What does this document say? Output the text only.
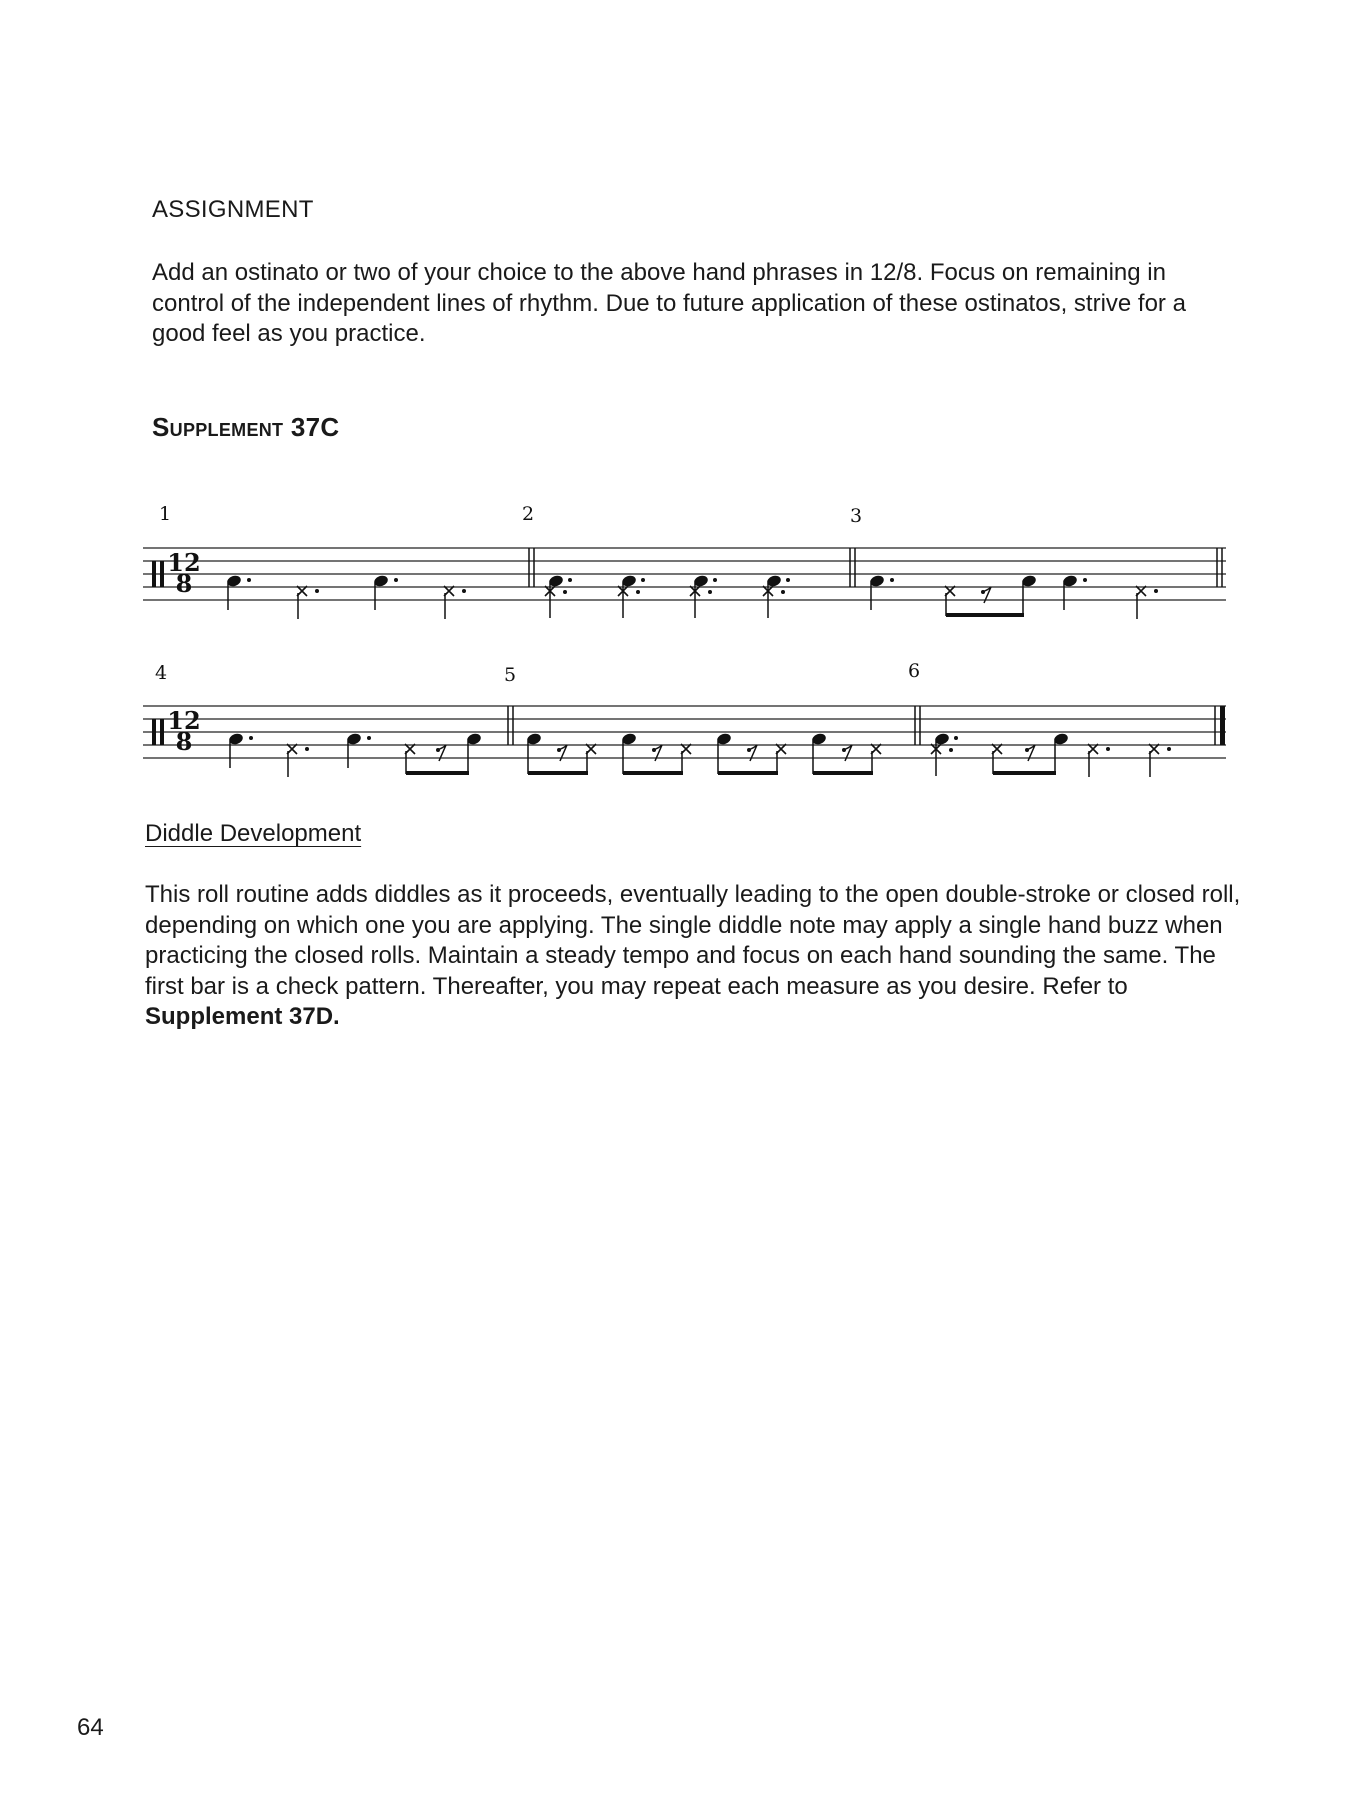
ASSIGNMENT
Add an ostinato or two of your choice to the above hand phrases in 12/8. Focus on remaining in control of the independent lines of rhythm. Due to future application of these ostinatos, strive for a good feel as you practice.
Supplement 37C
12
8
12
8
1	2	3
4	5	6
Diddle Development
This roll routine adds diddles as it proceeds, eventually leading to the open double-stroke or closed roll, depending on which one you are applying. The single diddle note may apply a single hand buzz when practicing the closed rolls. Maintain a steady tempo and focus on each hand sounding the same. The first bar is a check pattern. Thereafter, you may repeat each measure as you desire. Refer to Supplement 37D.
64
